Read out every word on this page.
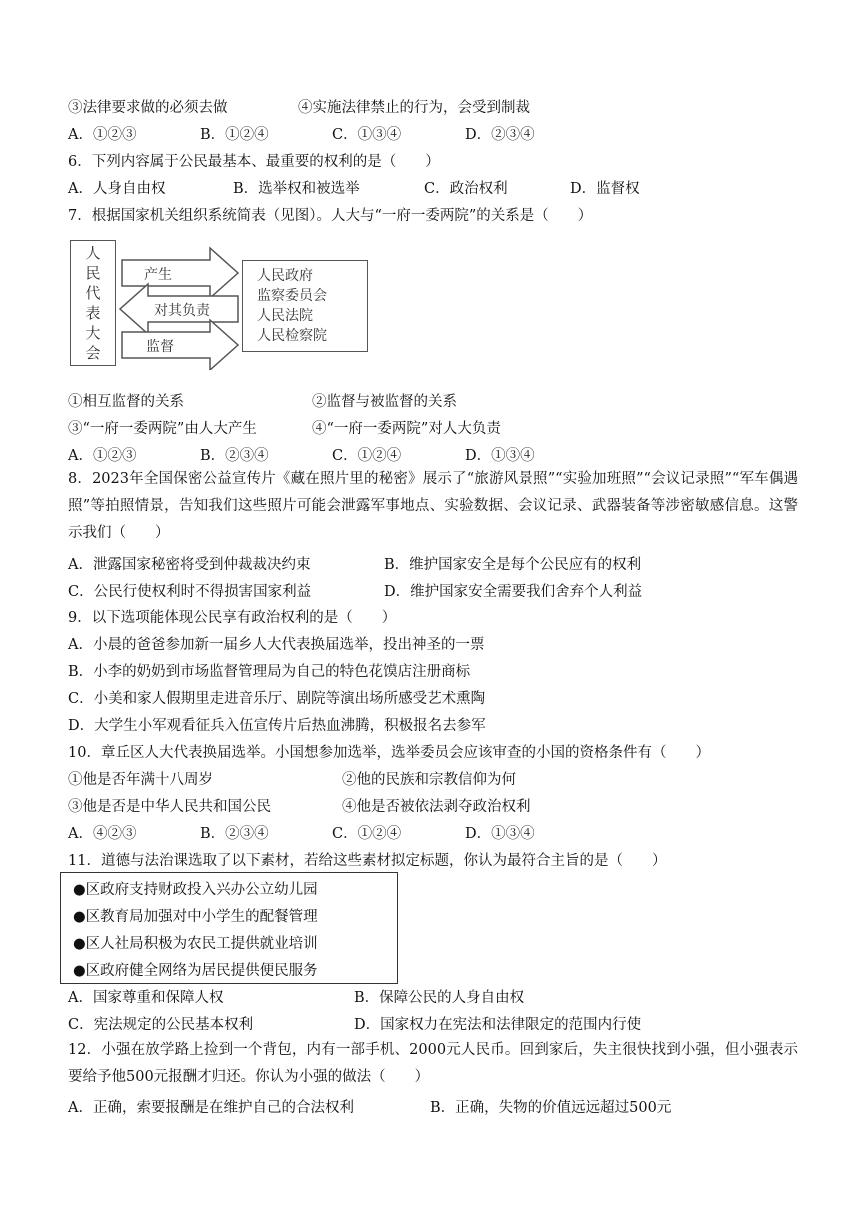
③法律要求做的必须去做	④实施法律禁止的行为，会受到制裁
A．①②③	B．①②④	C．①③④	D．②③④
6．下列内容属于公民最基本、最重要的权利的是（　　）
A．人身自由权	B．选举权和被选举	C．政治权利	D．监督权
7．根据国家机关组织系统简表（见图）。人大与“一府一委两院”的关系是（　　）
人
民
代
表
大
会
产生
对其负责
监督
人民政府
监察委员会
人民法院
人民检察院
①相互监督的关系	②监督与被监督的关系
③“一府一委两院”由人大产生	④“一府一委两院”对人大负责
A．①②③	B．②③④	C．①②④	D．①③④
8．2023年全国保密公益宣传片《藏在照片里的秘密》展示了“旅游风景照”“实验加班照”“会议记录照”“军车偶遇照”等拍照情景，告知我们这些照片可能会泄露军事地点、实验数据、会议记录、武器装备等涉密敏感信息。这警示我们（　　）
A．泄露国家秘密将受到仲裁裁决约束	B．维护国家安全是每个公民应有的权利
C．公民行使权利时不得损害国家利益	D．维护国家安全需要我们舍弃个人利益
9．以下选项能体现公民享有政治权利的是（　　）
A．小晨的爸爸参加新一届乡人大代表换届选举，投出神圣的一票
B．小李的奶奶到市场监督管理局为自己的特色花馍店注册商标
C．小美和家人假期里走进音乐厅、剧院等演出场所感受艺术熏陶
D．大学生小军观看征兵入伍宣传片后热血沸腾，积极报名去参军
10．章丘区人大代表换届选举。小国想参加选举，选举委员会应该审查的小国的资格条件有（　　）
①他是否年满十八周岁	②他的民族和宗教信仰为何
③他是否是中华人民共和国公民	④他是否被依法剥夺政治权利
A．④②③	B．②③④	C．①②④	D．①③④
11．道德与法治课选取了以下素材，若给这些素材拟定标题，你认为最符合主旨的是（　　）
●区政府支持财政投入兴办公立幼儿园
●区教育局加强对中小学生的配餐管理
●区人社局积极为农民工提供就业培训
●区政府健全网络为居民提供便民服务
A．国家尊重和保障人权	B．保障公民的人身自由权
C．宪法规定的公民基本权利	D．国家权力在宪法和法律限定的范围内行使
12．小强在放学路上捡到一个背包，内有一部手机、2000元人民币。回到家后，失主很快找到小强，但小强表示要给予他500元报酬才归还。你认为小强的做法（　　）
A．正确，索要报酬是在维护自己的合法权利	B．正确，失物的价值远远超过500元
